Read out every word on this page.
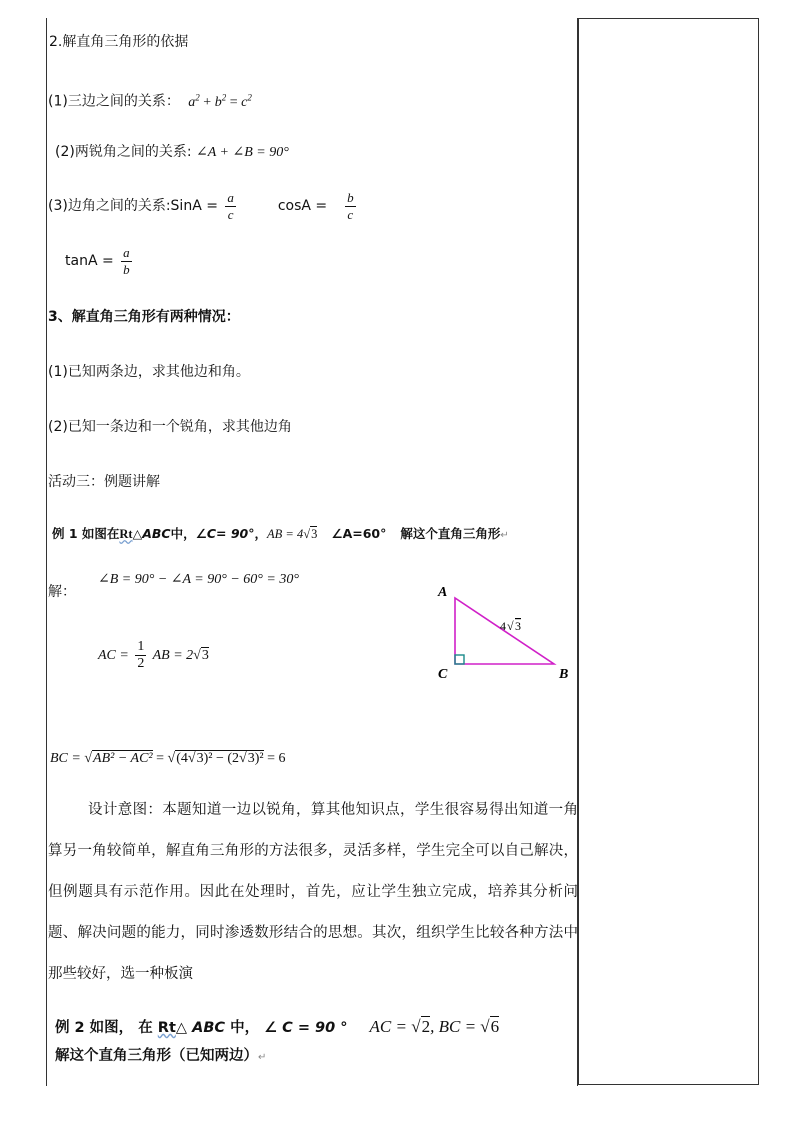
2.解直角三角形的依据
(1)三边之间的关系： $a^2 + b^2 = c^2$
(2)两锐角之间的关系: ∠A + ∠B = 90°
(3)边角之间的关系:SinA = $\frac{a}{c}$	$\cos A = \frac{b}{c}$
$\tan A = \frac{a}{b}$
3、解直角三角形有两种情况：
(1)已知两条边，求其他边和角。
(2)已知一条边和一个锐角，求其他边角
活动三：例题讲解
例 1 如图在Rt△ABC中，∠C= 90°，AB = 4√3 ∠A=60° 解这个直角三角形↵
解：
∠B = 90° − ∠A = 90° − 60° = 30°
AC = $\frac{1}{2}$ AB = 2√3
BC = √AB² − AC² = √(4√3)² − (2√3)² = 6
A
C	B
4 √ 3
设计意图：本题知道一边以锐角，算其他知识点，学生很容易得出知道一角算另一角较简单，解直角三角形的方法很多，灵活多样，学生完全可以自己解决，但例题具有示范作用。因此在处理时，首先，应让学生独立完成，培养其分析问题、解决问题的能力，同时渗透数形结合的思想。其次，组织学生比较各种方法中那些较好，选一种板演
例 2 如图， 在 Rt△ ABC 中， ∠ C = 90 ° AC = √2, BC = √6
解这个直角三角形（已知两边）↵
